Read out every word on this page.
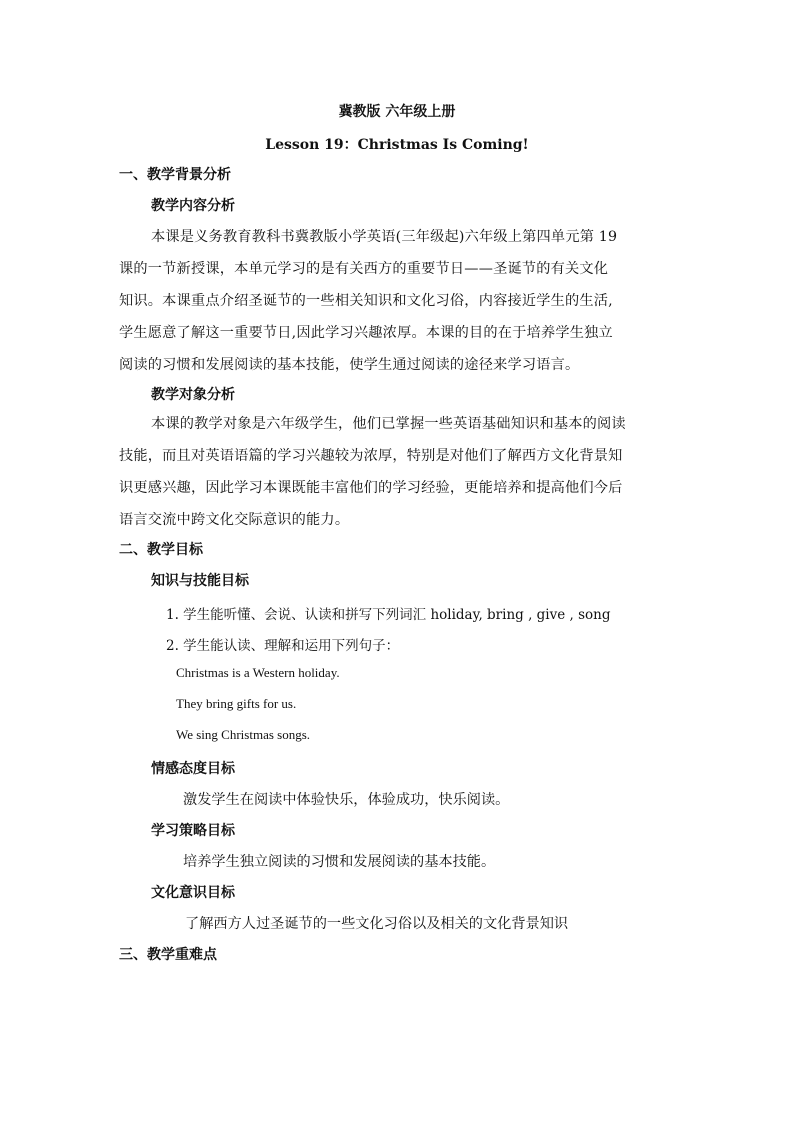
冀教版 六年级上册
Lesson 19：Christmas Is Coming!
一、教学背景分析
教学内容分析
本课是义务教育教科书冀教版小学英语(三年级起)六年级上第四单元第 19
课的一节新授课，本单元学习的是有关西方的重要节日——圣诞节的有关文化
知识。本课重点介绍圣诞节的一些相关知识和文化习俗，内容接近学生的生活,
学生愿意了解这一重要节日,因此学习兴趣浓厚。本课的目的在于培养学生独立
阅读的习惯和发展阅读的基本技能，使学生通过阅读的途径来学习语言。
教学对象分析
本课的教学对象是六年级学生，他们已掌握一些英语基础知识和基本的阅读
技能，而且对英语语篇的学习兴趣较为浓厚，特别是对他们了解西方文化背景知
识更感兴趣，因此学习本课既能丰富他们的学习经验，更能培养和提高他们今后
语言交流中跨文化交际意识的能力。
二、教学目标
知识与技能目标
1. 学生能听懂、会说、认读和拼写下列词汇 holiday, bring , give , song
2. 学生能认读、理解和运用下列句子：
Christmas is a Western holiday.
They bring gifts for us.
We sing Christmas songs.
情感态度目标
激发学生在阅读中体验快乐，体验成功，快乐阅读。
学习策略目标
培养学生独立阅读的习惯和发展阅读的基本技能。
文化意识目标
了解西方人过圣诞节的一些文化习俗以及相关的文化背景知识
三、教学重难点
